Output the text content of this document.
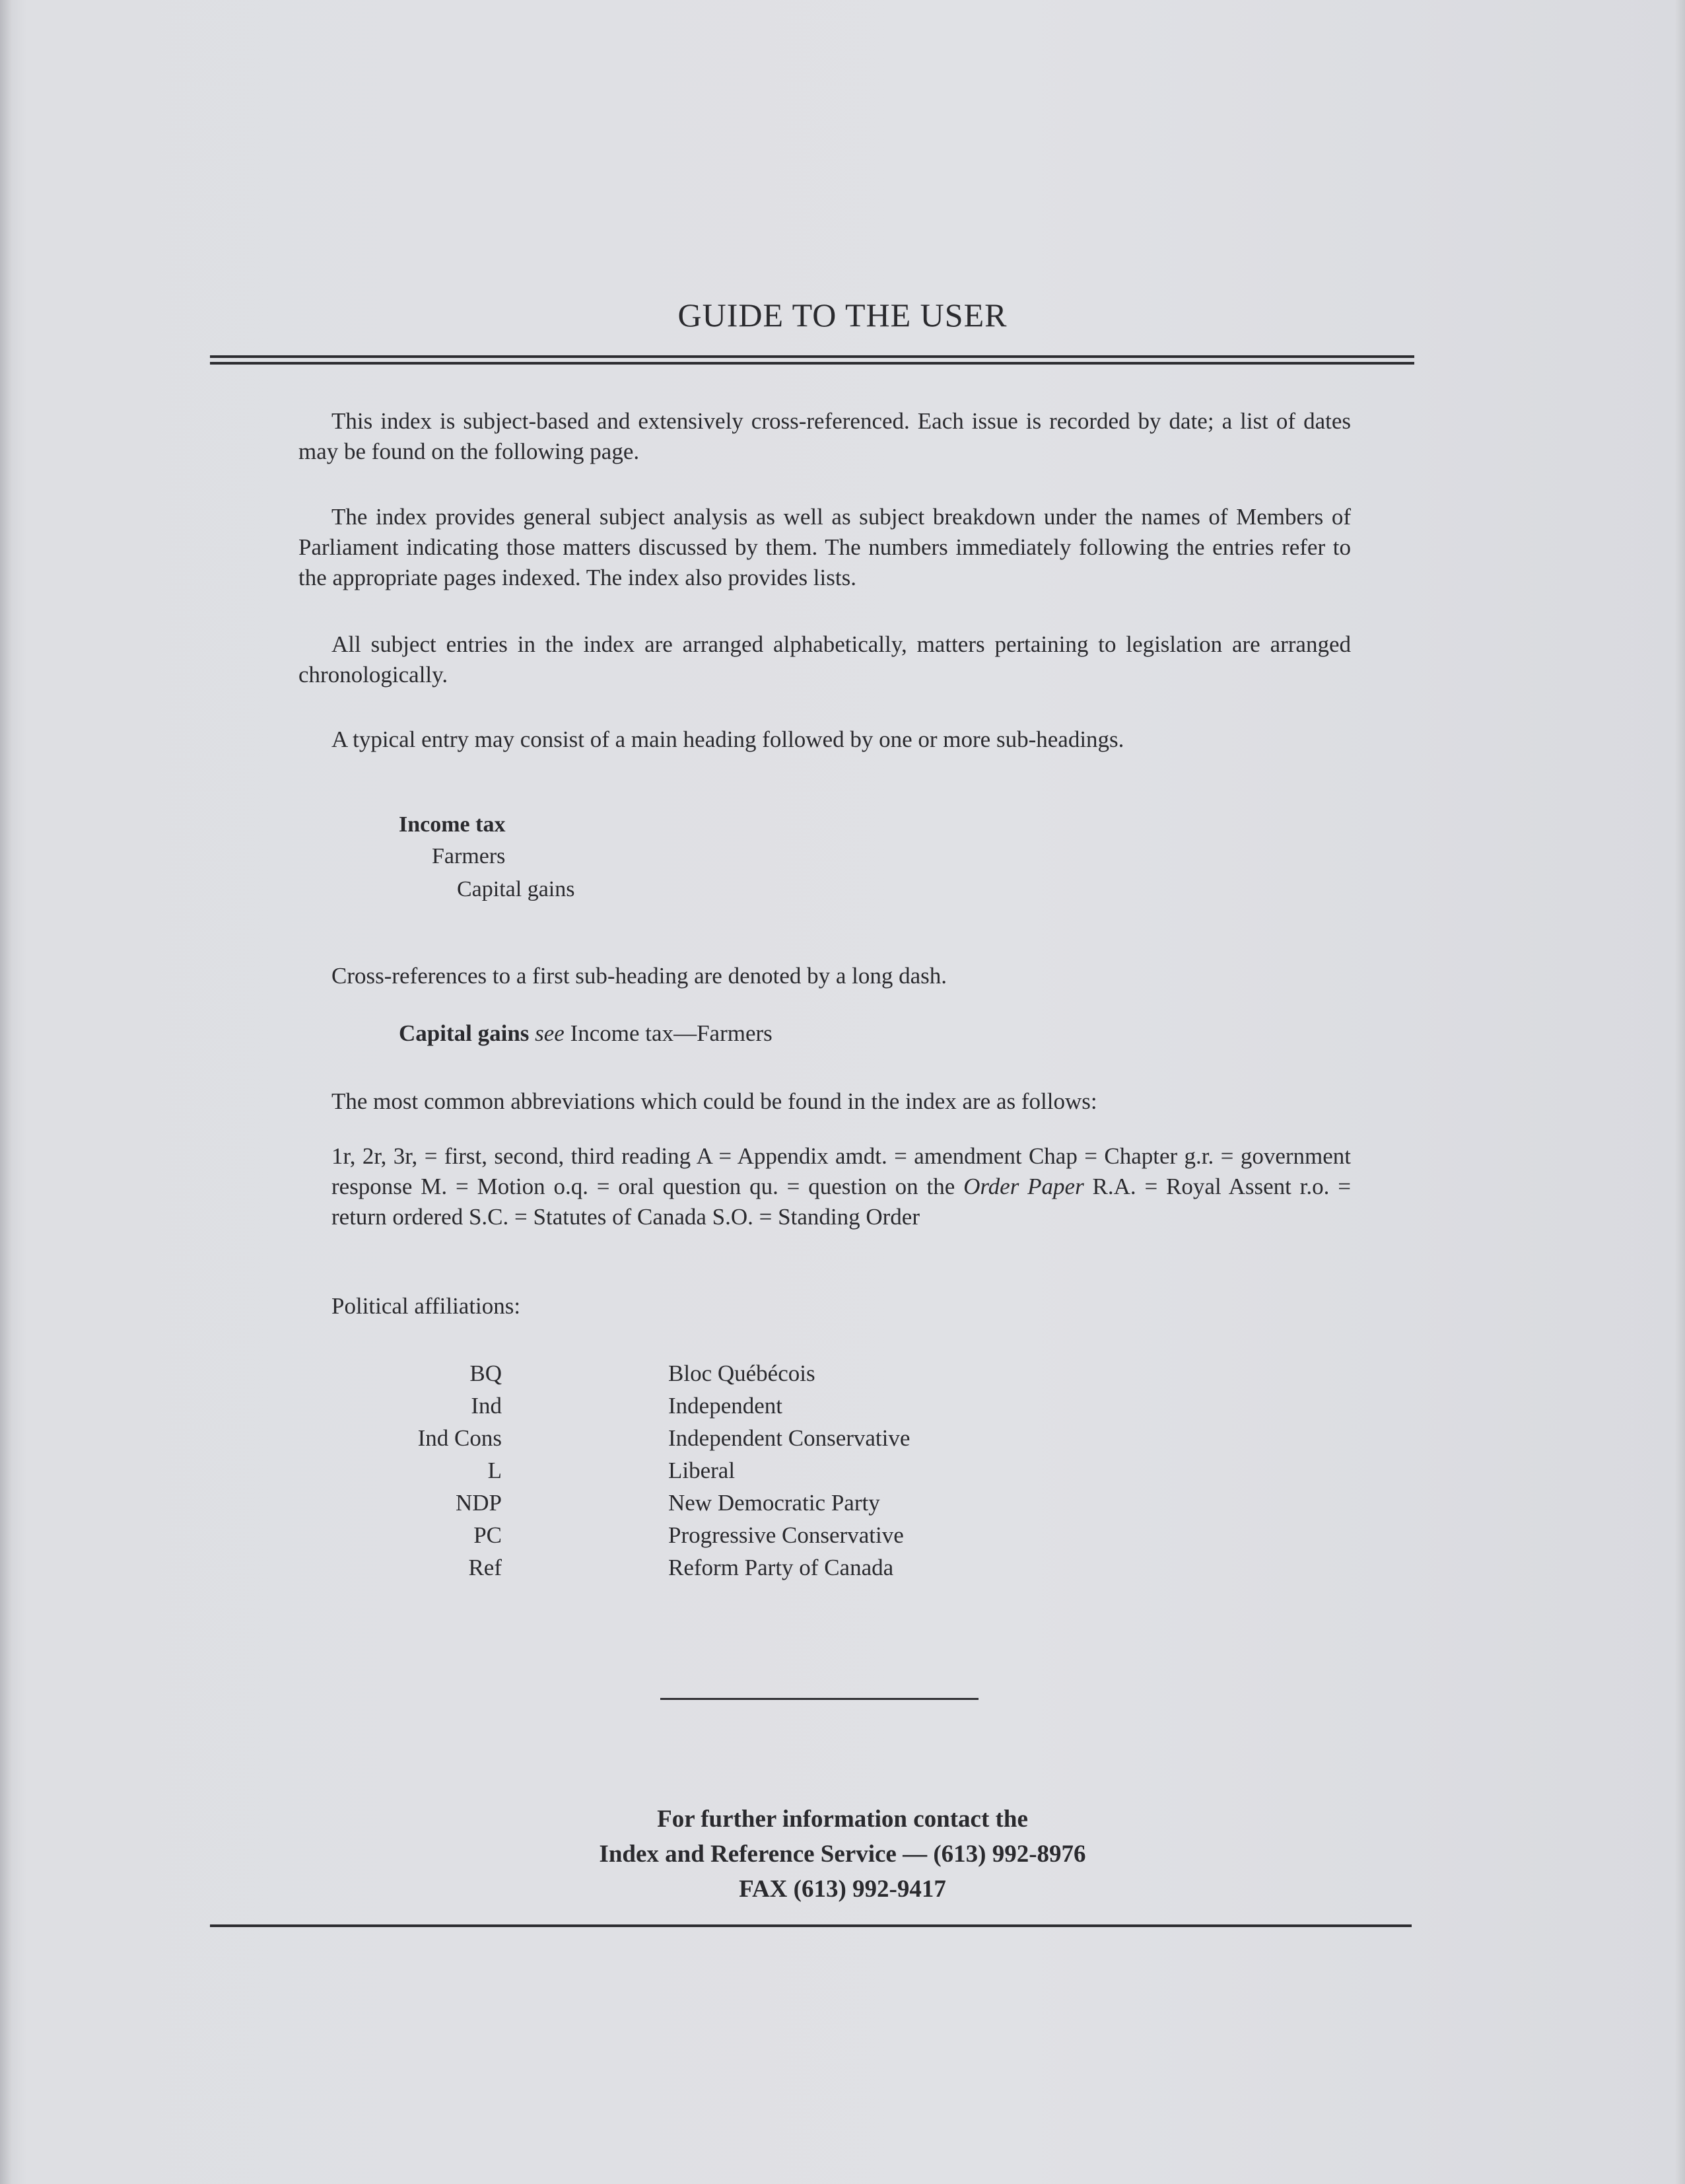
GUIDE TO THE USER

This index is subject-based and extensively cross-referenced. Each issue is recorded by date; a list of dates may be found on the following page.

The index provides general subject analysis as well as subject breakdown under the names of Members of Parliament indicating those matters discussed by them. The numbers immediately following the entries refer to the appropriate pages indexed. The index also provides lists.

All subject entries in the index are arranged alphabetically, matters pertaining to legislation are arranged chronologically.

A typical entry may consist of a main heading followed by one or more sub-headings.

Income tax
Farmers
Capital gains

Cross-references to a first sub-heading are denoted by a long dash.

Capital gains see Income tax—Farmers

The most common abbreviations which could be found in the index are as follows:

1r, 2r, 3r, = first, second, third reading A = Appendix amdt. = amendment Chap = Chapter g.r. = government response M. = Motion o.q. = oral question qu. = question on the Order Paper R.A. = Royal Assent r.o. = return ordered S.C. = Statutes of Canada S.O. = Standing Order

Political affiliations:

BQ	Bloc Québécois
Ind	Independent
Ind Cons	Independent Conservative
L	Liberal
NDP	New Democratic Party
PC	Progressive Conservative
Ref	Reform Party of Canada
For further information contact the
Index and Reference Service — (613) 992-8976
FAX (613) 992-9417
